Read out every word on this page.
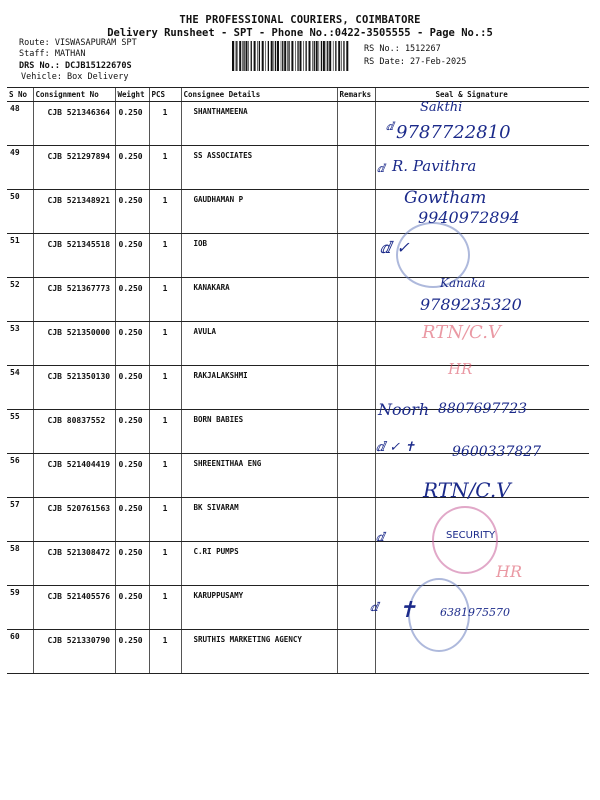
THE PROFESSIONAL COURIERS, COIMBATORE
Delivery Runsheet - SPT - Phone No.:0422-3505555 - Page No.:5
Route: VISWASAPURAM SPT
Staff: MATHAN
DRS No.: DCJB15122670S
Vehicle: Box Delivery
RS No.: 1512267
RS Date: 27-Feb-2025
S No	Consignment No	Weight	PCS	Consignee Details	Remarks	Seal & Signature
48	CJB 521346364	0.250	1	SHANTHAMEENA		
49	CJB 521297894	0.250	1	SS ASSOCIATES		
50	CJB 521348921	0.250	1	GAUDHAMAN P		
51	CJB 521345518	0.250	1	IOB		
52	CJB 521367773	0.250	1	KANAKARA		
53	CJB 521350000	0.250	1	AVULA		
54	CJB 521350130	0.250	1	RAKJALAKSHMI		
55	CJB 80837552	0.250	1	BORN BABIES		
56	CJB 521404419	0.250	1	SHREENITHAA ENG		
57	CJB 520761563	0.250	1	BK SIVARAM		
58	CJB 521308472	0.250	1	C.RI PUMPS		
59	CJB 521405576	0.250	1	KARUPPUSAMY		
60	CJB 521330790	0.250	1	SRUTHIS MARKETING AGENCY		
Sakthi
ⅆ 9787722810
ⅆ R. Pavithra
Gowtham
9940972894
ⅆ ✓
Kanaka
9789235320
RTN/C.V
HR
Noorh 8807697723
ⅆ ✓ ✝	9600337827
RTN/C.V
ⅆ	SECURITY
HR
ⅆ ✝ 6381975570
